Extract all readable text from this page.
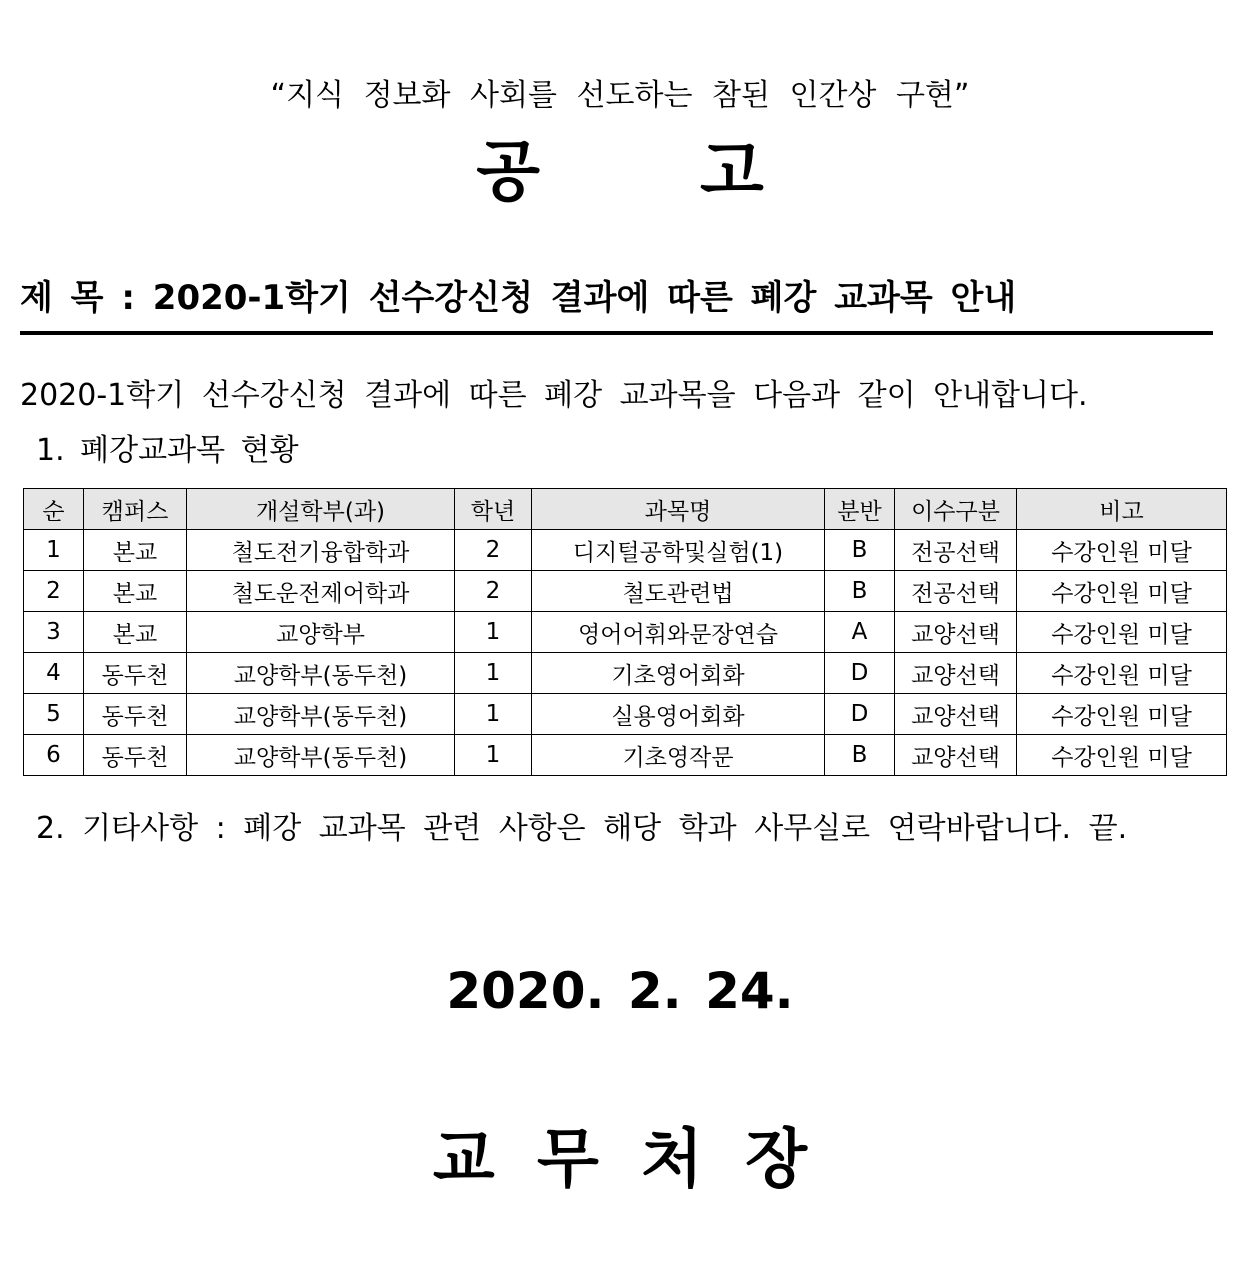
“지식 정보화 사회를 선도하는 참된 인간상 구현”
공 고
제 목 : 2020-1학기 선수강신청 결과에 따른 폐강 교과목 안내
2020-1학기 선수강신청 결과에 따른 폐강 교과목을 다음과 같이 안내합니다.
1. 폐강교과목 현황
순	캠퍼스	개설학부(과)	학년	과목명	분반	이수구분	비고
1	본교	철도전기융합학과	2	디지털공학및실험(1)	B	전공선택	수강인원 미달
2	본교	철도운전제어학과	2	철도관련법	B	전공선택	수강인원 미달
3	본교	교양학부	1	영어어휘와문장연습	A	교양선택	수강인원 미달
4	동두천	교양학부(동두천)	1	기초영어회화	D	교양선택	수강인원 미달
5	동두천	교양학부(동두천)	1	실용영어회화	D	교양선택	수강인원 미달
6	동두천	교양학부(동두천)	1	기초영작문	B	교양선택	수강인원 미달
2. 기타사항 : 폐강 교과목 관련 사항은 해당 학과 사무실로 연락바랍니다. 끝.
2020. 2. 24.
교 무 처 장
